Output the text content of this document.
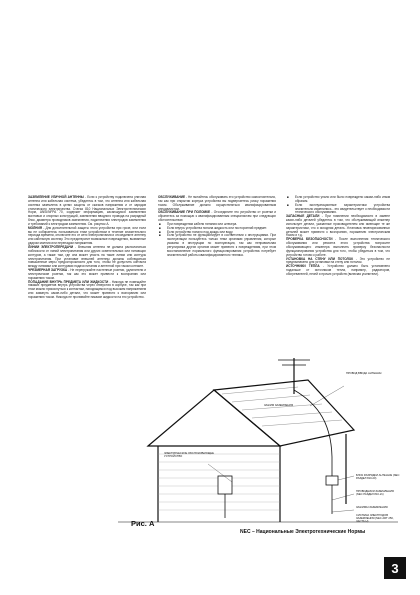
ЗАЗЕМЛЕНИЕ УЛИЧНОЙ АНТЕННЫ - Если к устройству подключена уличная антенна или кабельная система, убедитесь в том, что антенна или кабельная система заземлена в целях защиты от скачков напряжения и от зарядов статического электричества. Статья 810 Национальных Электротехнических Норм, ANSI/NFPA 70, содержит информацию, касающуюся заземления мачтовых и опорных конструкций, заземления вводного провода на разрядный блок, диаметра проводников заземления, подключения электродов заземления и требований к электродам заземления. См. рисунок A.

МОЛНИЯ - Для дополнительной защиты этого устройства при грозе, или если вы не собираетесь пользоваться этим устройством в течение значительного периода времени, отключите его от сети электропитания и отсоедините антенну или кабельную систему. Это предотвратит возможные повреждения, вызванные ударом молнии или перепадом напряжения.

ЛИНИИ ЭЛЕКТРОПЕРЕДАЧИ - Внешняя антенна не должна располагаться поблизости от линий электропитания или других осветительных или питающих контуров, а также там, где она может упасть на такие линии или контуры электропитания. При установке внешней антенны должны соблюдаться повышенные меры предосторожности для того, чтобы не допустить контакта между линиями или контурами подачи питания и антенной при таком контакте.

ЧРЕЗМЕРНАЯ ЗАГРУЗКА - Не перегружайте настенные розетки, удлинители и электрические розетки, так как это может привести к возгоранию или поражению током.

ПОПАДАНИЕ ВНУТРЬ ПРЕДМЕТА ИЛИ ЖИДКОСТИ - Никогда не помещайте никаких предметов внутрь устройства через отверстия в корпусе, так как при этом можно прикоснуться к контактам, находящимся под высоким напряжением или замкнуть какие-либо детали, что может привести к возгоранию или поражению током. Никогда не проливайте никакие жидкости на это устройство.

ОБСЛУЖИВАНИЕ - Не пытайтесь обслуживать это устройство самостоятельно, так как при открытии корпуса устройства вы подвергаетесь риску поражения током. Обслуживание должно осуществляться квалифицированным специалистом.

ОБСЛУЖИВАНИЕ ПРИ ПОЛОМКЕ - Отсоедините это устройство от розетки и обратитесь за помощью к квалифицированным специалистам при следующих обстоятельствах:

■ При повреждении кабеля питания или штекера.

■ Если внутрь устройства попала жидкость или посторонний предмет.

■ Если устройство попало под дождь или воду.

■ Если устройство не функционирует в соответствии с инструкциями. При эксплуатации пользуйтесь только теми органами управления, которые указаны в инструкции по эксплуатации, так как неправильная регулировка других органов может привести к повреждениям, при этом восстановление нормального функционирования устройства потребует значительной работы квалифицированного техника.

■ Если устройство упало или было повреждено каким-либо иным образом.

■ Если эксплуатационные характеристики устройства значительно изменились - это свидетельствует о необходимости технического обслуживания.

ЗАПАСНЫЕ ДЕТАЛИ - При появлении необходимости в замене каких-либо деталей убедитесь в том, что обслуживающий инженер использует детали, указанные производителем или имеющие те же характеристики, что и исходная деталь. Установка неавторизованных деталей может привести к возгоранию, поражению электрическим током и т.д.

ПРОВЕРКА БЕЗОПАСНОСТИ - После выполнения технического обслуживания или ремонта этого устройства попросите обслуживающего инженера выполнить проверку безопасности функционирования устройства для того, чтобы убедиться в том, что устройство готово к работе.

УСТАНОВКА НА СТЕНУ ИЛИ ПОТОЛОК - Это устройство не предназначено для установки на стену или потолок.

ИСТОЧНИКИ ТЕПЛА - Устройство должно быть установлено подальше от источников тепла, например, радиаторов, обогревателей, печей и прочих устройств (включая усилители).

ПРОВОД ВВОДА АНТЕННЫ
ЗАЖИМ ЗАЗЕМЛЕНИЯ
ЭЛЕКТРИЧЕСКОЕ ОБСЛУЖИВАЮЩЕЕ УСТРОЙСТВО
БЛОК РАЗРЯДКИ АНТЕННЫ (NEC РАЗДЕЛ 810-20)
ПРОВОДНИКИ ЗАЗЕМЛЕНИЯ (NEC РАЗДЕЛ 810-21)
ЗАЖИМЫ ЗАЗЕМЛЕНИЯ
СИСТЕМА ЭЛЕКТРОДОВ ЗАЗЕМЛЕНИЯ (NEC ART 250, ЧАСТЬ H)
Рис. A
NEC – Национальные Электротехнические Нормы
3
